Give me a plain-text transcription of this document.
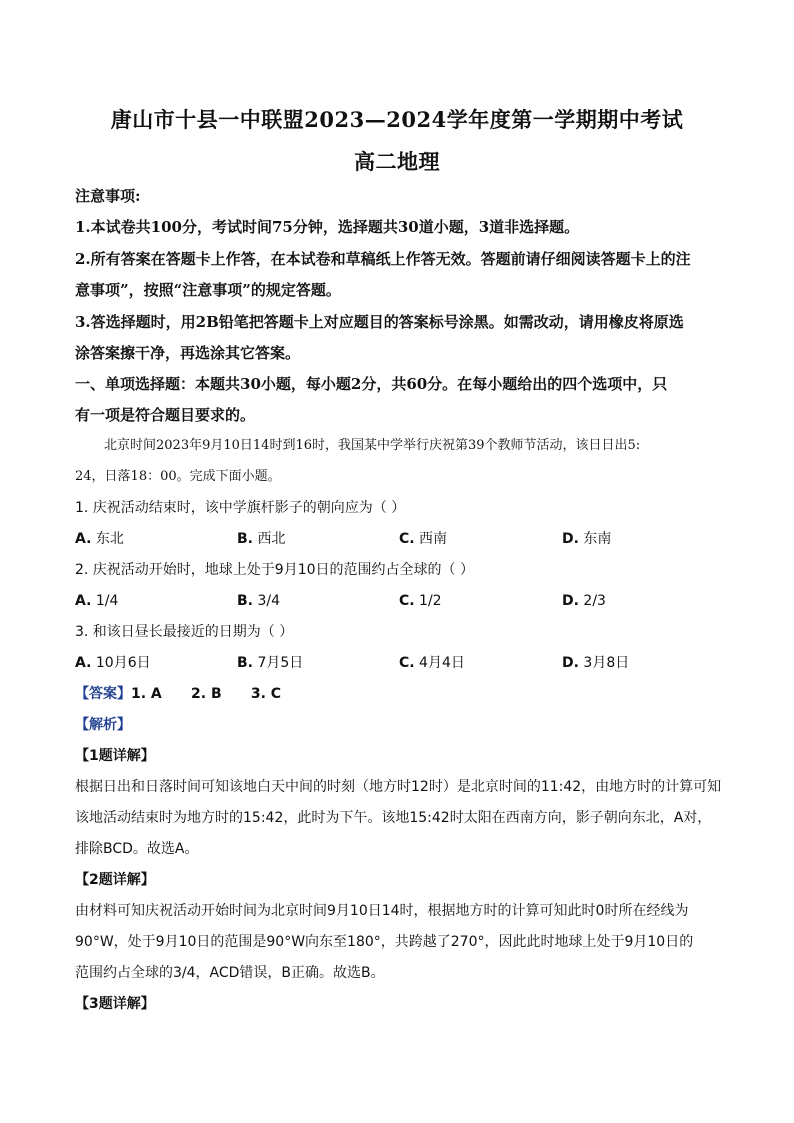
唐山市十县一中联盟2023—2024学年度第一学期期中考试
高二地理
注意事项:
1.本试卷共100分，考试时间75分钟，选择题共30道小题，3道非选择题。
2.所有答案在答题卡上作答，在本试卷和草稿纸上作答无效。答题前请仔细阅读答题卡上的注
意事项”，按照“注意事项”的规定答题。
3.答选择题时，用2B铅笔把答题卡上对应题目的答案标号涂黑。如需改动，请用橡皮将原选
涂答案擦干净，再选涂其它答案。
一、单项选择题：本题共30小题，每小题2分，共60分。在每小题给出的四个选项中，只
有一项是符合题目要求的。
北京时间2023年9月10日14时到16时，我国某中学举行庆祝第39个教师节活动，该日日出5:
24，日落18：00。完成下面小题。
1. 庆祝活动结束时，该中学旗杆影子的朝向应为（ ）
A. 东北	B. 西北	C. 西南	D. 东南
2. 庆祝活动开始时，地球上处于9月10日的范围约占全球的（ ）
A. 1/4	B. 3/4	C. 1/2	D. 2/3
3. 和该日昼长最接近的日期为（ ）
A. 10月6日	B. 7月5日	C. 4月4日	D. 3月8日
【答案】1. A      2. B      3. C
【解析】
【1题详解】
根据日出和日落时间可知该地白天中间的时刻（地方时12时）是北京时间的11:42，由地方时的计算可知
该地活动结束时为地方时的15:42，此时为下午。该地15:42时太阳在西南方向，影子朝向东北，A对，
排除BCD。故选A。
【2题详解】
由材料可知庆祝活动开始时间为北京时间9月10日14时，根据地方时的计算可知此时0时所在经线为
90°W，处于9月10日的范围是90°W向东至180°，共跨越了270°，因此此时地球上处于9月10日的
范围约占全球的3/4，ACD错误，B正确。故选B。
【3题详解】
